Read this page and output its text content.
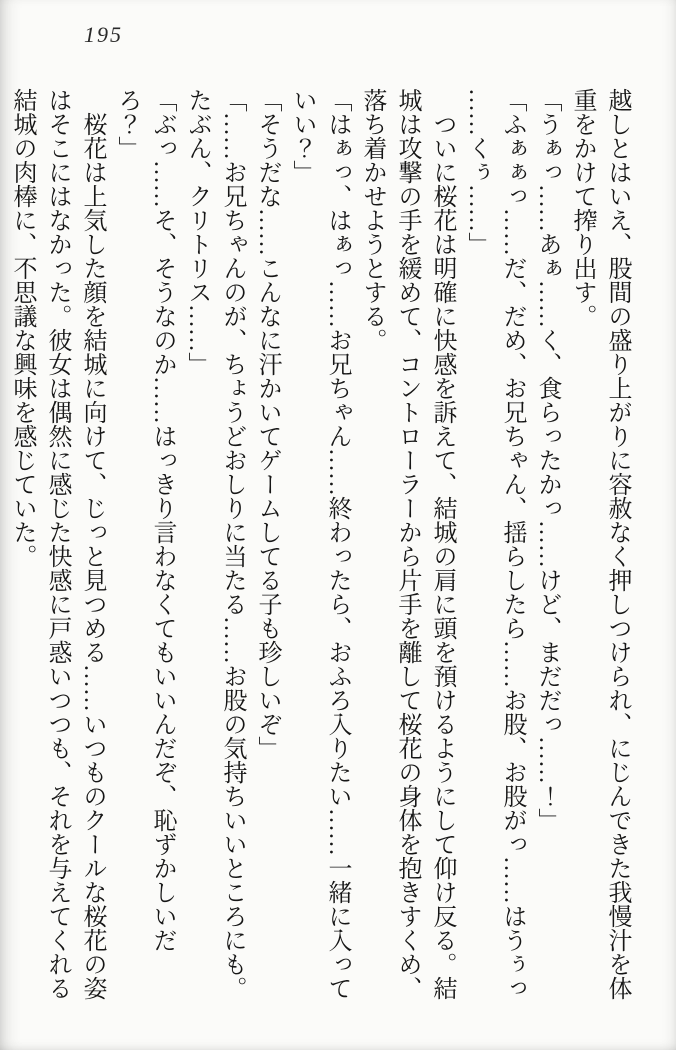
195

越しとはいえ、股間の盛り上がりに容赦なく押しつけられ、にじんできた我慢汁を体

重をかけて搾り出す。

「うぁっ……あぁ……く、食らったかっ……けど、まだだっ……！」

「ふぁぁっ……だ、だめ、お兄ちゃん、揺らしたら……お股、お股がっ……はうぅっ

……くぅ……」

ついに桜花は明確に快感を訴えて、結城の肩に頭を預けるようにして仰け反る。結

城は攻撃の手を緩めて、コントローラーから片手を離して桜花の身体を抱きすくめ、

落ち着かせようとする。

「はぁっ、はぁっ……お兄ちゃん……終わったら、おふろ入りたい……一緒に入って

いい？」

「そうだな……こんなに汗かいてゲームしてる子も珍しいぞ」

「……お兄ちゃんのが、ちょうどおしりに当たる……お股の気持ちいいところにも。

たぶん、クリトリス……」

「ぶっ……そ、そうなのか……はっきり言わなくてもいいんだぞ、恥ずかしいだろ？」

桜花は上気した顔を結城に向けて、じっと見つめる……いつものクールな桜花の姿

はそこにはなかった。彼女は偶然に感じた快感に戸惑いつつも、それを与えてくれる

結城の肉棒に、不思議な興味を感じていた。
